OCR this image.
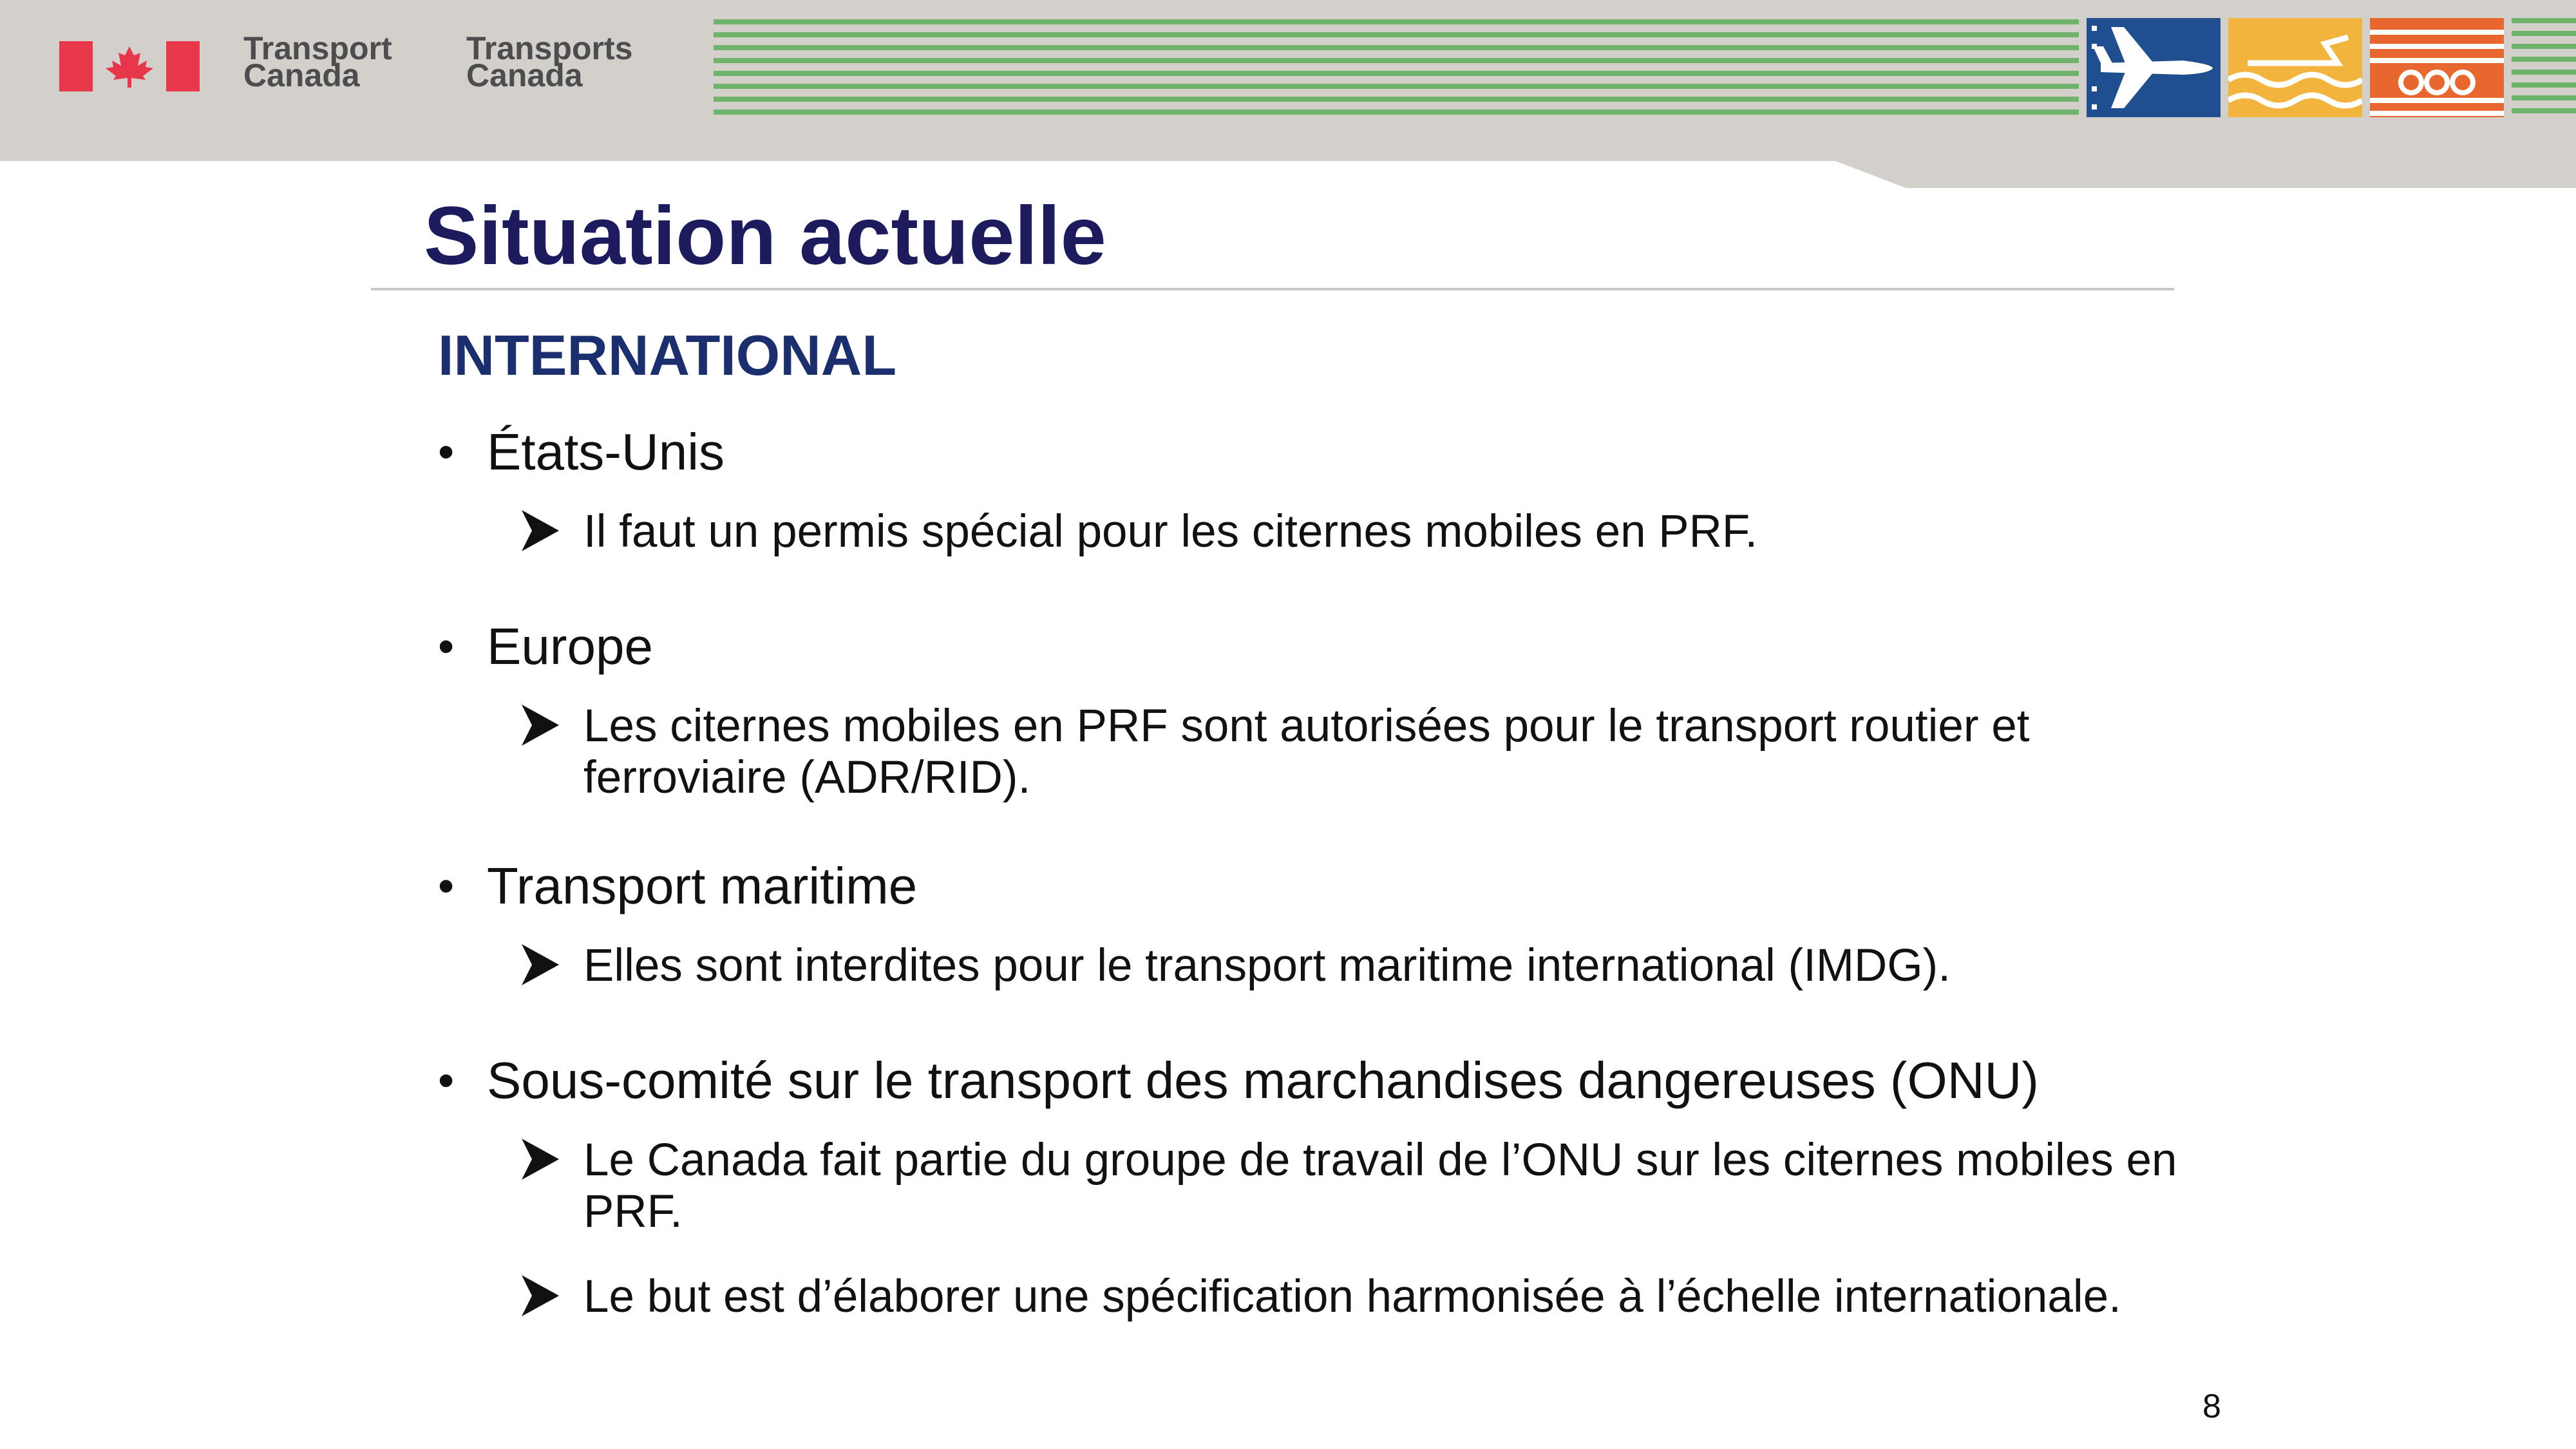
Transport
Canada
Transports
Canada
Situation actuelle
INTERNATIONAL
• États-Unis
Il faut un permis spécial pour les citernes mobiles en PRF.
• Europe
Les citernes mobiles en PRF sont autorisées pour le transport routier et ferroviaire (ADR/RID).
• Transport maritime
Elles sont interdites pour le transport maritime international (IMDG).
• Sous-comité sur le transport des marchandises dangereuses (ONU)
Le Canada fait partie du groupe de travail de l’ONU sur les citernes mobiles en PRF.
Le but est d’élaborer une spécification harmonisée à l’échelle internationale.
8
